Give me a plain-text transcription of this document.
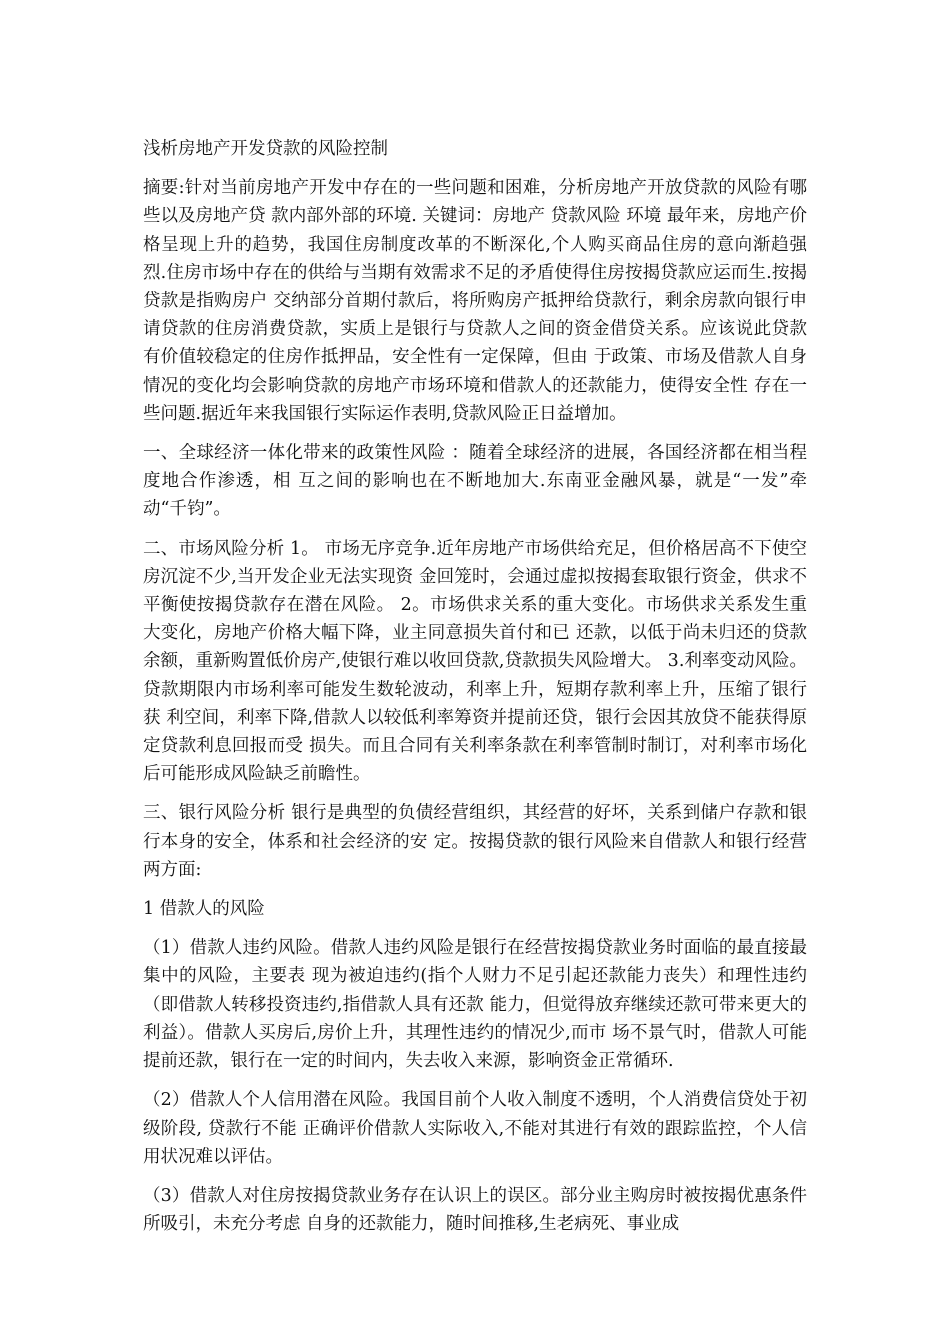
浅析房地产开发贷款的风险控制
摘要:针对当前房地产开发中存在的一些问题和困难，分析房地产开放贷款的风险有哪些以及房地产贷 款内部外部的环境. 关键词：房地产 贷款风险 环境 最年来，房地产价格呈现上升的趋势，我国住房制度改革的不断深化,个人购买商品住房的意向渐趋强 烈.住房市场中存在的供给与当期有效需求不足的矛盾使得住房按揭贷款应运而生.按揭贷款是指购房户 交纳部分首期付款后，将所购房产抵押给贷款行，剩余房款向银行申请贷款的住房消费贷款，实质上是银行与贷款人之间的资金借贷关系。应该说此贷款有价值较稳定的住房作抵押品，安全性有一定保障，但由 于政策、市场及借款人自身情况的变化均会影响贷款的房地产市场环境和借款人的还款能力，使得安全性 存在一些问题.据近年来我国银行实际运作表明,贷款风险正日益增加。
一、全球经济一体化带来的政策性风险 ：随着全球经济的进展，各国经济都在相当程度地合作渗透，相 互之间的影响也在不断地加大.东南亚金融风暴，就是“一发”牵动“千钧”。
二、市场风险分析 1。 市场无序竞争.近年房地产市场供给充足，但价格居高不下使空房沉淀不少,当开发企业无法实现资 金回笼时，会通过虚拟按揭套取银行资金，供求不平衡使按揭贷款存在潜在风险。 2。市场供求关系的重大变化。市场供求关系发生重大变化，房地产价格大幅下降，业主同意损失首付和已 还款，以低于尚未归还的贷款余额，重新购置低价房产,使银行难以收回贷款,贷款损失风险增大。 3.利率变动风险。贷款期限内市场利率可能发生数轮波动，利率上升，短期存款利率上升，压缩了银行获 利空间，利率下降,借款人以较低利率筹资并提前还贷，银行会因其放贷不能获得原定贷款利息回报而受 损失。而且合同有关利率条款在利率管制时制订，对利率市场化后可能形成风险缺乏前瞻性。
三、银行风险分析 银行是典型的负债经营组织，其经营的好坏，关系到储户存款和银行本身的安全，体系和社会经济的安 定。按揭贷款的银行风险来自借款人和银行经营两方面:
1 借款人的风险
（1）借款人违约风险。借款人违约风险是银行在经营按揭贷款业务时面临的最直接最集中的风险，主要表 现为被迫违约(指个人财力不足引起还款能力丧失）和理性违约 （即借款人转移投资违约,指借款人具有还款 能力，但觉得放弃继续还款可带来更大的利益）。借款人买房后,房价上升，其理性违约的情况少,而市 场不景气时，借款人可能提前还款，银行在一定的时间内，失去收入来源，影响资金正常循环.
（2）借款人个人信用潜在风险。我国目前个人收入制度不透明，个人消费信贷处于初级阶段, 贷款行不能 正确评价借款人实际收入,不能对其进行有效的跟踪监控，个人信用状况难以评估。
（3）借款人对住房按揭贷款业务存在认识上的误区。部分业主购房时被按揭优惠条件所吸引，未充分考虑 自身的还款能力，随时间推移,生老病死、事业成
